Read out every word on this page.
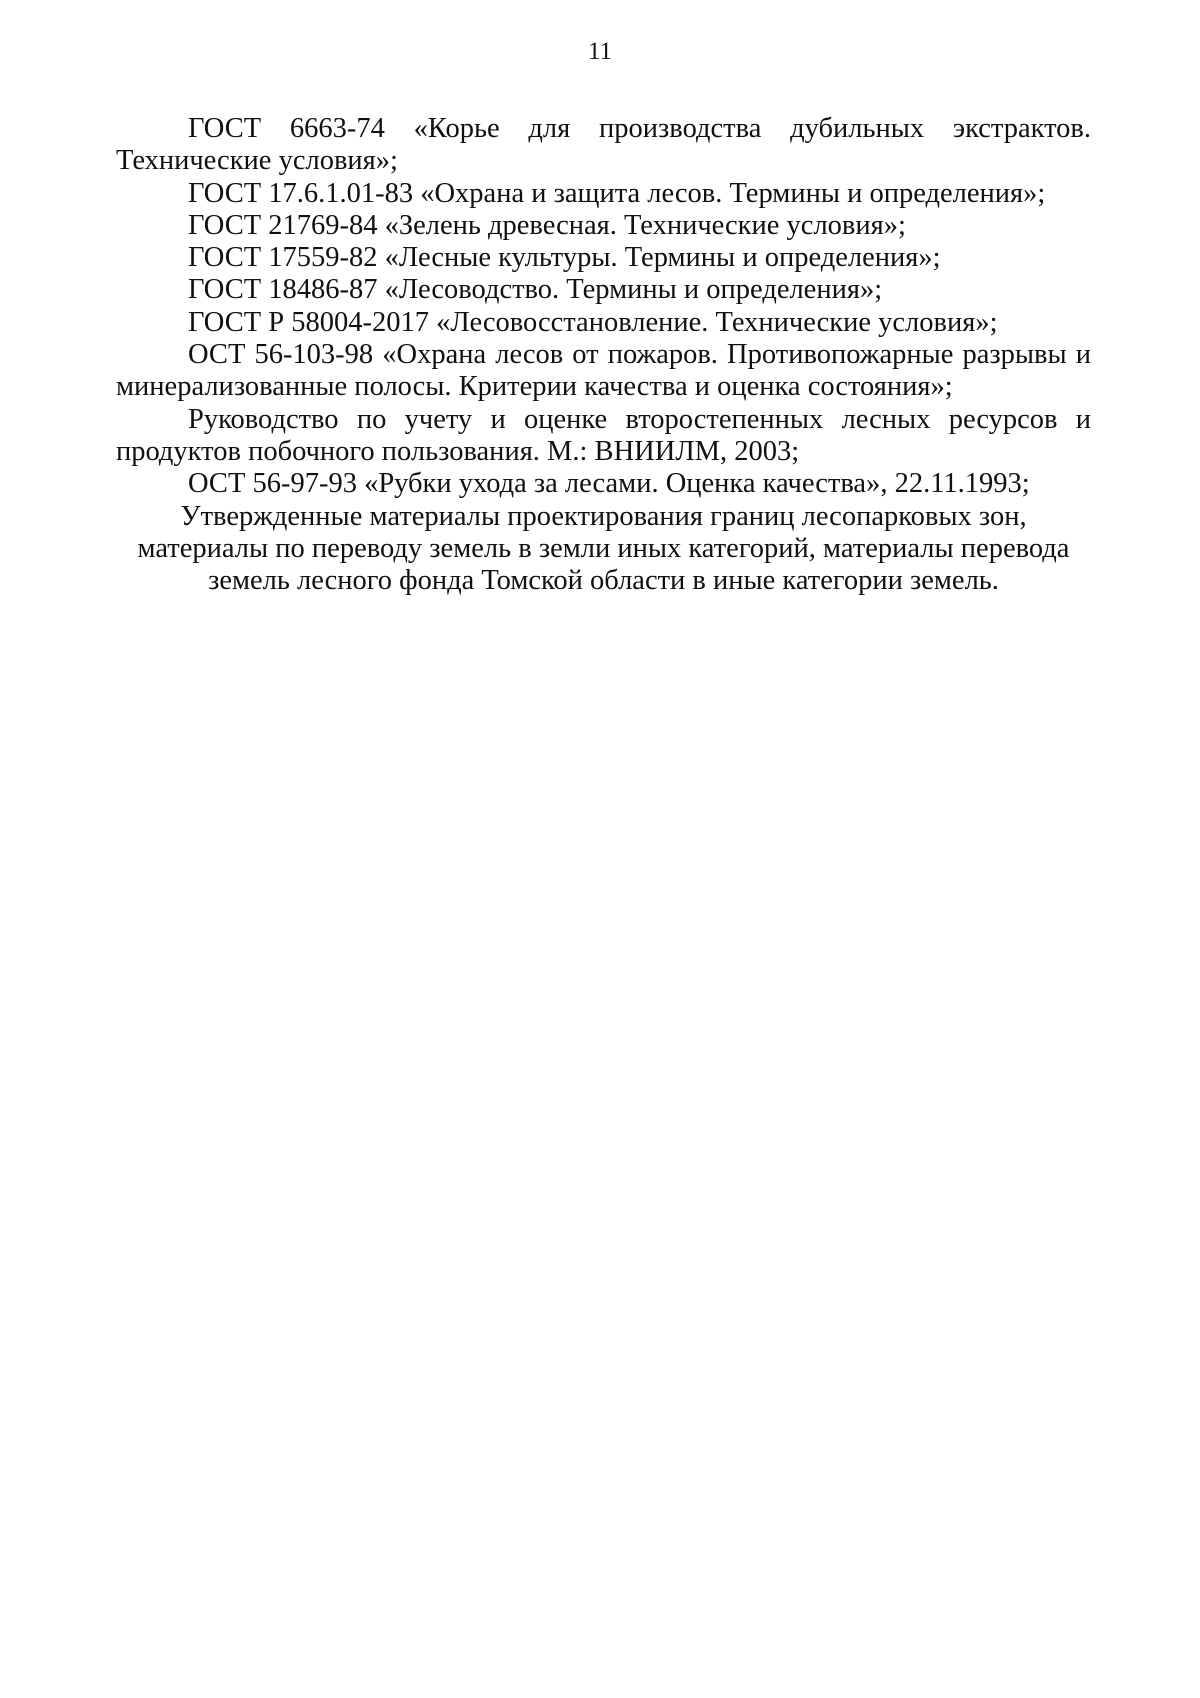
11

ГОСТ 6663-74 «Корье для производства дубильных экстрактов. Технические условия»;

ГОСТ 17.6.1.01-83 «Охрана и защита лесов. Термины и определения»;

ГОСТ 21769-84 «Зелень древесная. Технические условия»;

ГОСТ 17559-82 «Лесные культуры. Термины и определения»;

ГОСТ 18486-87 «Лесоводство. Термины и определения»;

ГОСТ Р 58004-2017 «Лесовосстановление. Технические условия»;

ОСТ 56-103-98 «Охрана лесов от пожаров. Противопожарные разрывы и минерализованные полосы. Критерии качества и оценка состояния»;

Руководство по учету и оценке второстепенных лесных ресурсов и продуктов побочного пользования. М.: ВНИИЛМ, 2003;

ОСТ 56-97-93 «Рубки ухода за лесами. Оценка качества», 22.11.1993;

Утвержденные материалы проектирования границ лесопарковых зон,
материалы по переводу земель в земли иных категорий, материалы перевода
земель лесного фонда Томской области в иные категории земель.
